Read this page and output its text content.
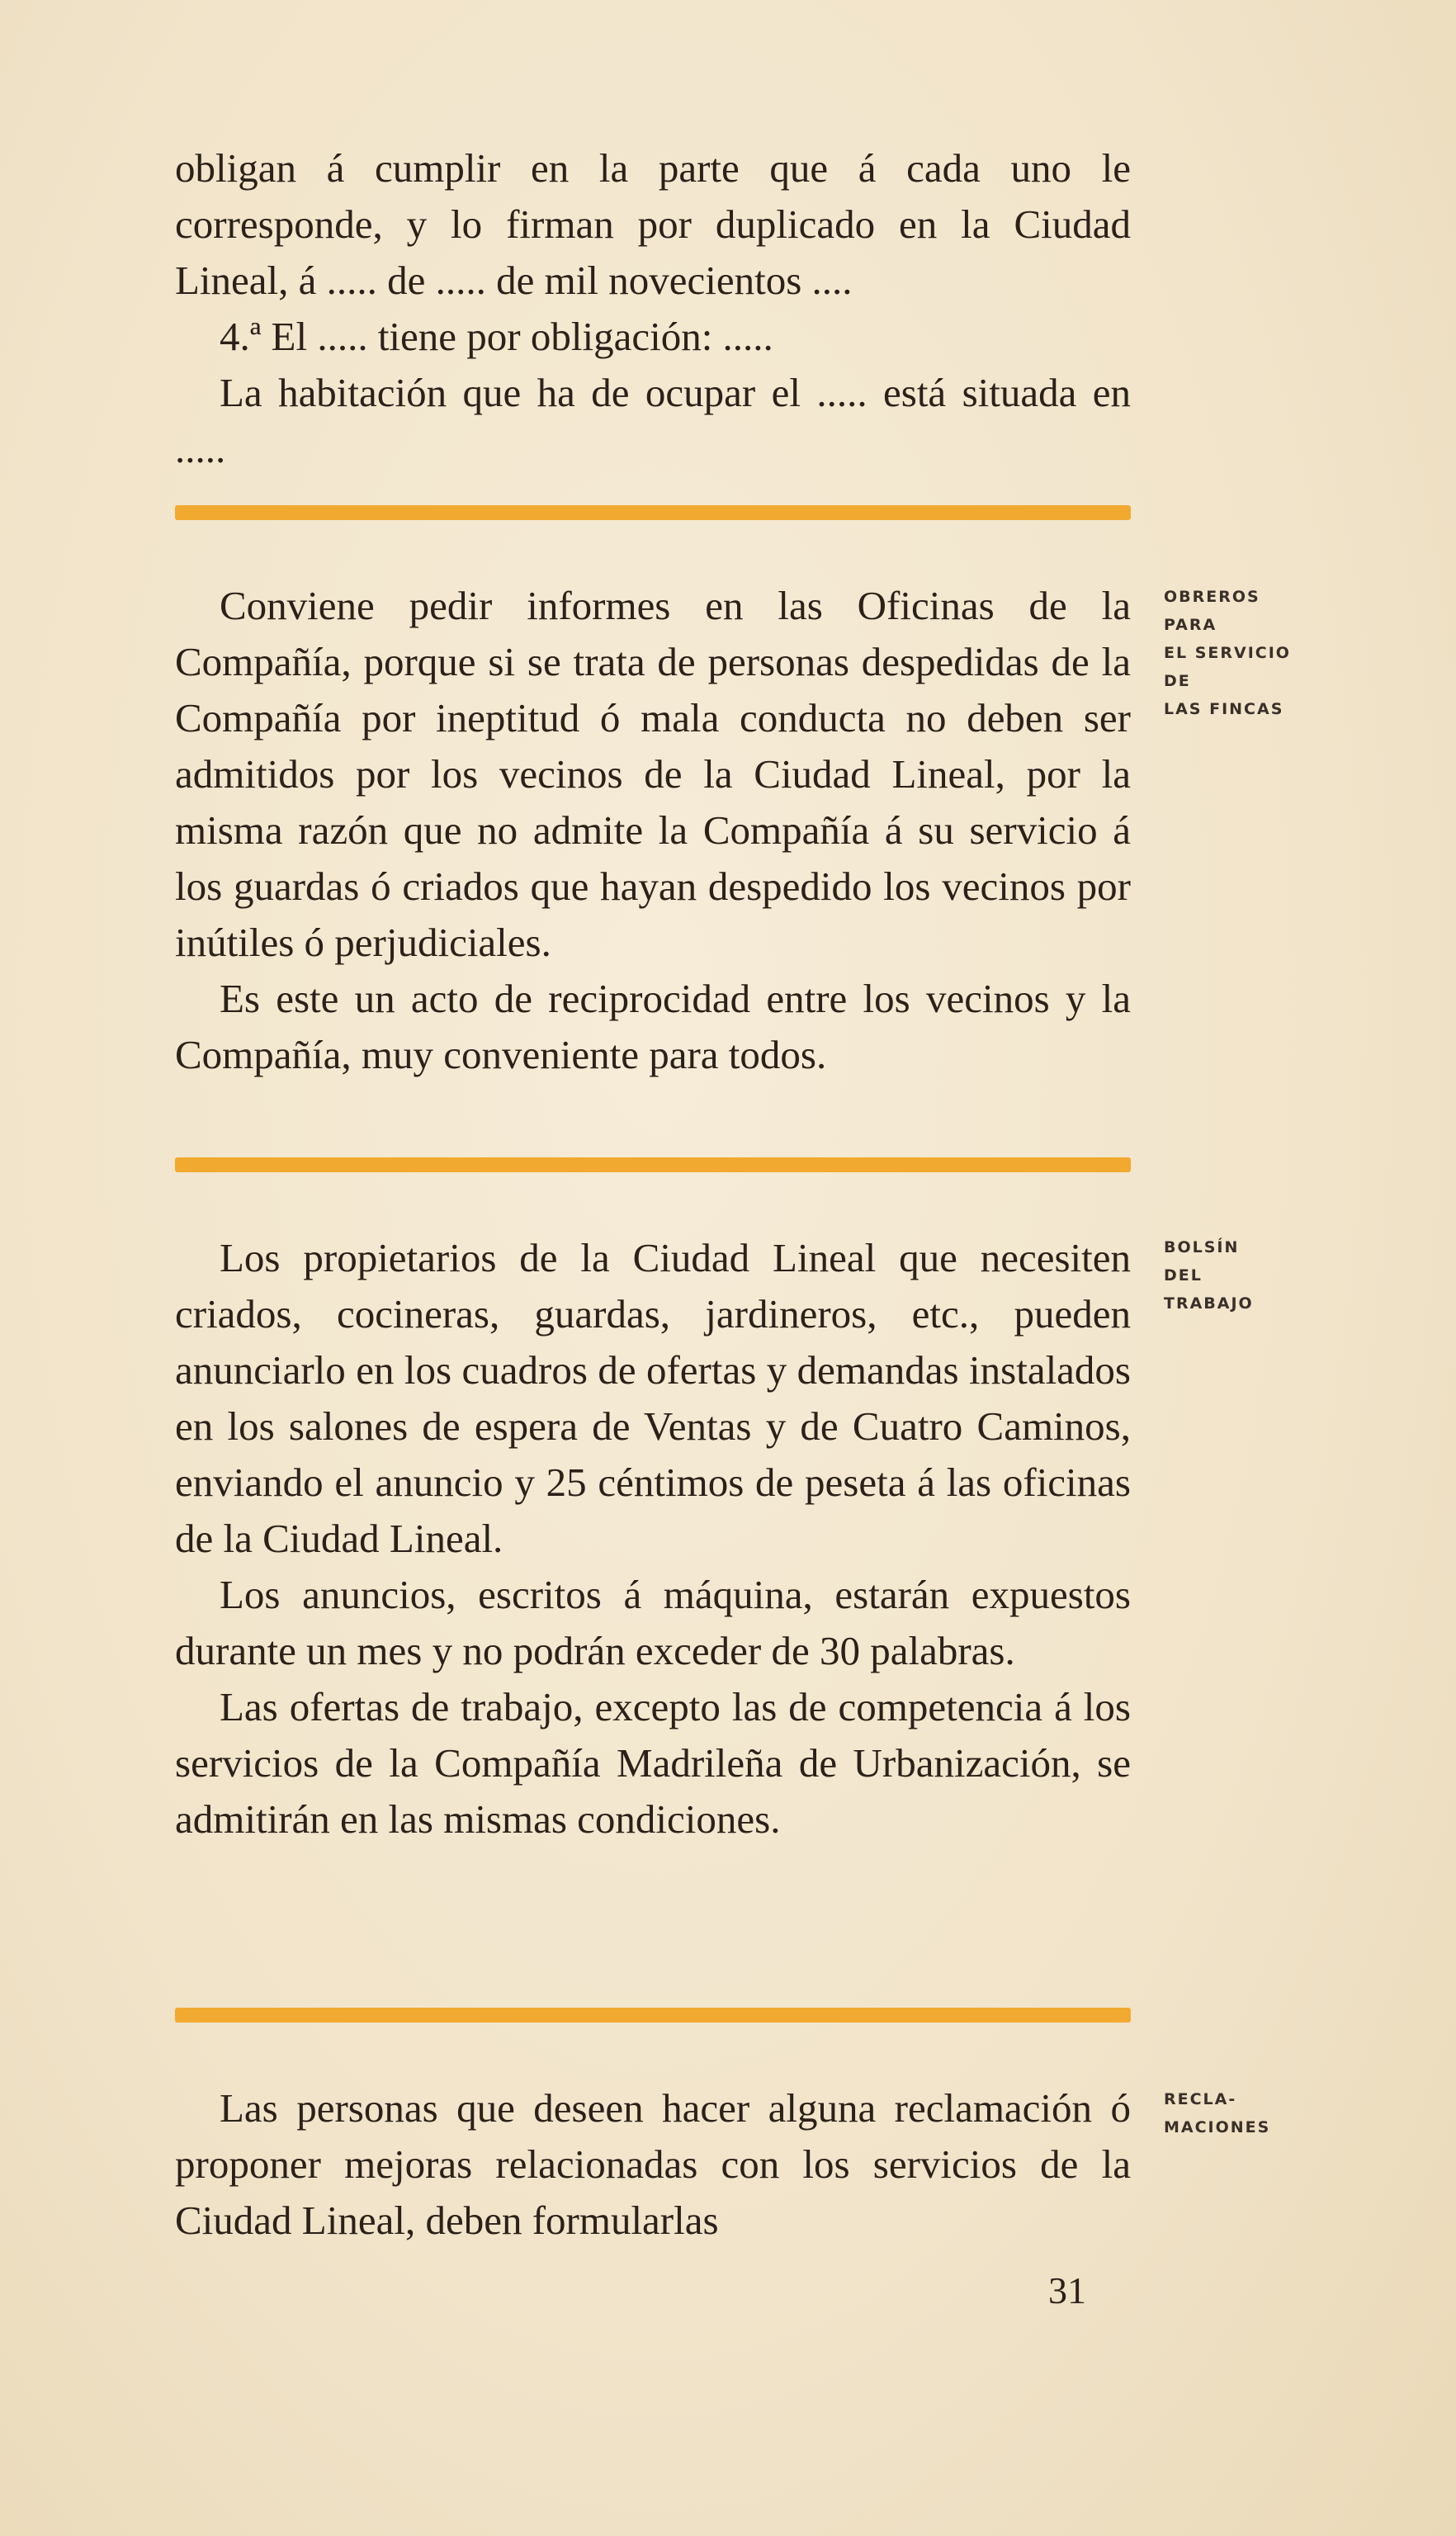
obligan á cumplir en la parte que á cada uno le corresponde, y lo firman por duplicado en la Ciudad Lineal, á ..... de ..... de mil novecientos ....

4.ª El ..... tiene por obligación: .....

La habitación que ha de ocupar el ..... está situada en .....

Conviene pedir informes en las Oficinas de la Compañía, porque si se trata de personas despedidas de la Compañía por ineptitud ó mala conducta no deben ser admitidos por los vecinos de la Ciudad Lineal, por la misma razón que no admite la Compañía á su servicio á los guardas ó criados que hayan despedido los vecinos por inútiles ó perjudiciales.

Es este un acto de reciprocidad entre los vecinos y la Compañía, muy conveniente para todos.

OBREROS
PARA
EL SERVICIO
DE
LAS FINCAS

Los propietarios de la Ciudad Lineal que necesiten criados, cocineras, guardas, jardineros, etc., pueden anunciarlo en los cuadros de ofertas y demandas instalados en los salones de espera de Ventas y de Cuatro Caminos, enviando el anuncio y 25 céntimos de peseta á las oficinas de la Ciudad Lineal.

Los anuncios, escritos á máquina, estarán expuestos durante un mes y no podrán exceder de 30 palabras.

Las ofertas de trabajo, excepto las de competencia á los servicios de la Compañía Madrileña de Urbanización, se admitirán en las mismas condiciones.

BOLSÍN
DEL
TRABAJO

Las personas que deseen hacer alguna reclamación ó proponer mejoras relacionadas con los servicios de la Ciudad Lineal, deben formularlas

RECLA-
MACIONES
31
